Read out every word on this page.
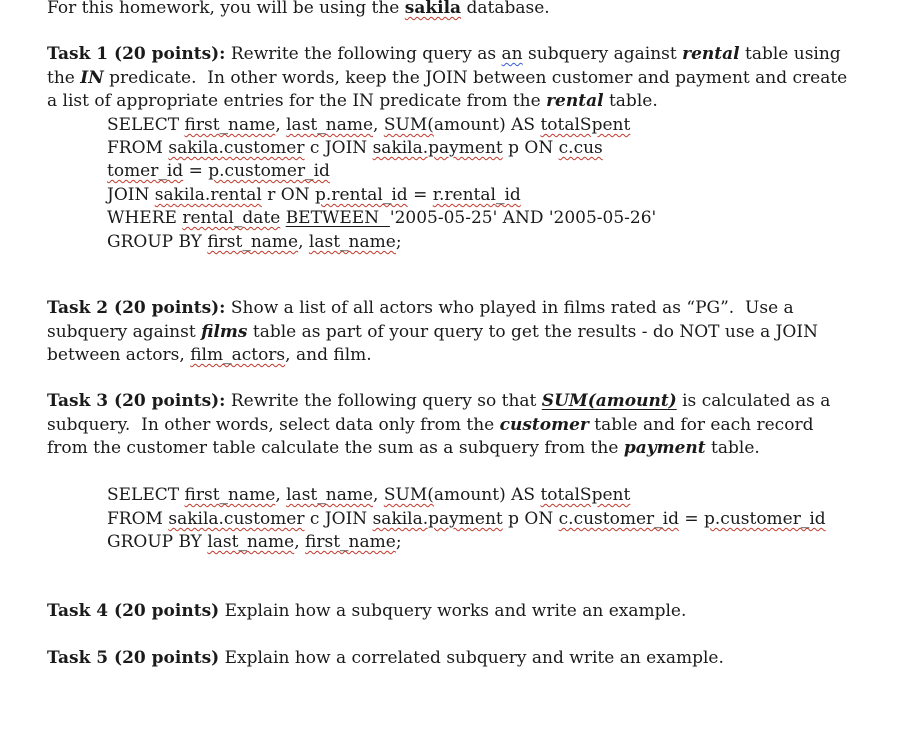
For this homework, you will be using the sakila database.
Task 1 (20 points): Rewrite the following query as an subquery against rental table using
the IN predicate.  In other words, keep the JOIN between customer and payment and create
a list of appropriate entries for the IN predicate from the rental table.
SELECT first_name, last_name, SUM(amount) AS totalSpent
FROM sakila.customer c JOIN sakila.payment p ON c.cus
tomer_id = p.customer_id
JOIN sakila.rental r ON p.rental_id = r.rental_id
WHERE rental_date BETWEEN  '2005-05-25' AND '2005-05-26'
GROUP BY first_name, last_name;
Task 2 (20 points): Show a list of all actors who played in films rated as “PG”.  Use a
subquery against films table as part of your query to get the results - do NOT use a JOIN
between actors, film_actors, and film.
Task 3 (20 points): Rewrite the following query so that SUM(amount) is calculated as a
subquery.  In other words, select data only from the customer table and for each record
from the customer table calculate the sum as a subquery from the payment table.
SELECT first_name, last_name, SUM(amount) AS totalSpent
FROM sakila.customer c JOIN sakila.payment p ON c.customer_id = p.customer_id
GROUP BY last_name, first_name;
Task 4 (20 points) Explain how a subquery works and write an example.
Task 5 (20 points) Explain how a correlated subquery and write an example.
